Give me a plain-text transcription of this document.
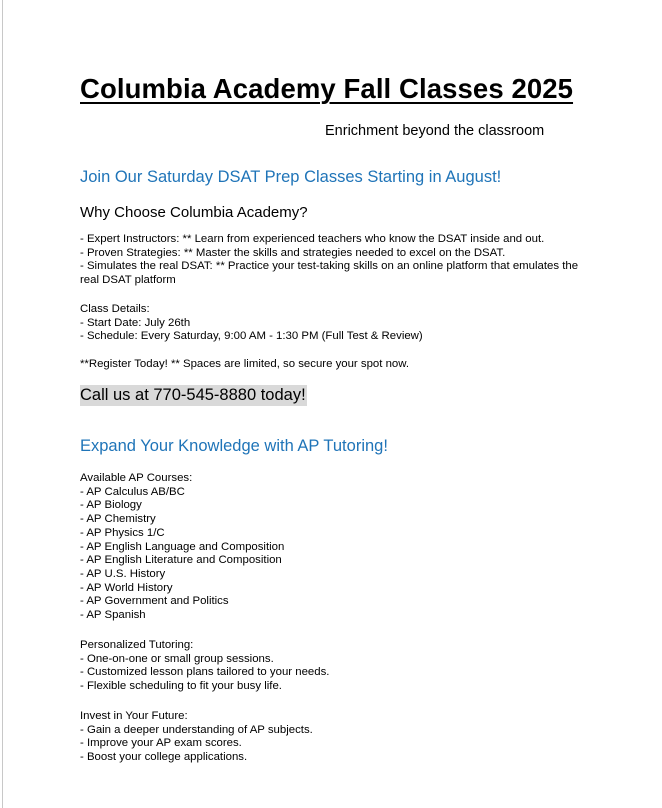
Columbia Academy Fall Classes 2025
Enrichment beyond the classroom
Join Our Saturday DSAT Prep Classes Starting in August!
Why Choose Columbia Academy?
- Expert Instructors: ** Learn from experienced teachers who know the DSAT inside and out.
- Proven Strategies: ** Master the skills and strategies needed to excel on the DSAT.
- Simulates the real DSAT: ** Practice your test-taking skills on an online platform that emulates the real DSAT platform
Class Details:
- Start Date: July 26th
- Schedule: Every Saturday, 9:00 AM - 1:30 PM (Full Test & Review)
**Register Today! ** Spaces are limited, so secure your spot now.
Call us at 770-545-8880 today!
Expand Your Knowledge with AP Tutoring!
Available AP Courses:
- AP Calculus AB/BC
- AP Biology
- AP Chemistry
- AP Physics 1/C
- AP English Language and Composition
- AP English Literature and Composition
- AP U.S. History
- AP World History
- AP Government and Politics
- AP Spanish
Personalized Tutoring:
- One-on-one or small group sessions.
- Customized lesson plans tailored to your needs.
- Flexible scheduling to fit your busy life.
Invest in Your Future:
- Gain a deeper understanding of AP subjects.
- Improve your AP exam scores.
- Boost your college applications.
